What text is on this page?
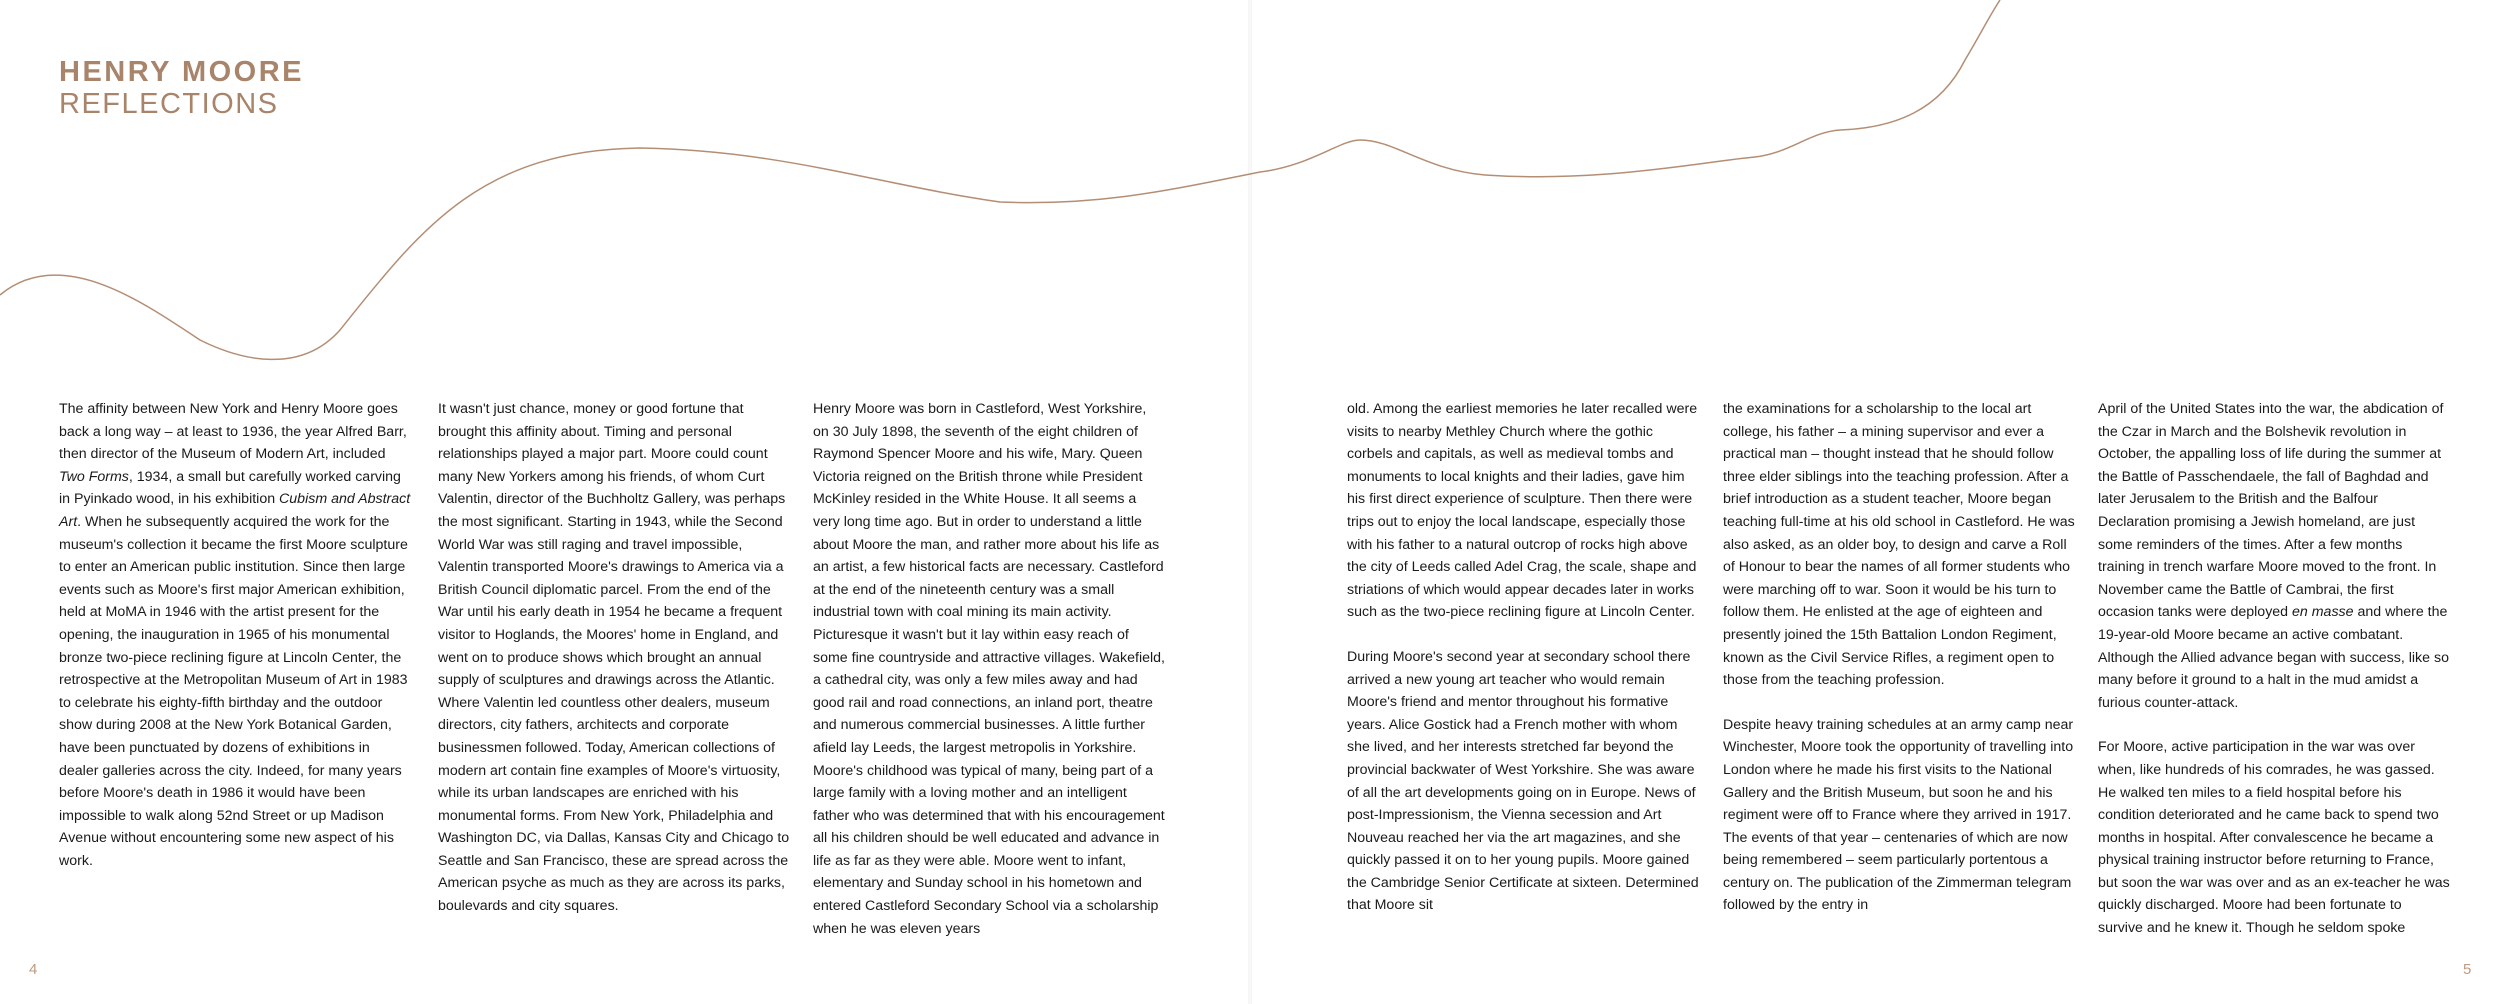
HENRY MOORE
REFLECTIONS

The affinity between New York and Henry Moore goes back a long way – at least to 1936, the year Alfred Barr, then director of the Museum of Modern Art, included Two Forms, 1934, a small but carefully worked carving in Pyinkado wood, in his exhibition Cubism and Abstract Art. When he subsequently acquired the work for the museum's collection it became the first Moore sculpture to enter an American public institution. Since then large events such as Moore's first major American exhibition, held at MoMA in 1946 with the artist present for the opening, the inauguration in 1965 of his monumental bronze two-piece reclining figure at Lincoln Center, the retrospective at the Metropolitan Museum of Art in 1983 to celebrate his eighty-fifth birthday and the outdoor show during 2008 at the New York Botanical Garden, have been punctuated by dozens of exhibitions in dealer galleries across the city. Indeed, for many years before Moore's death in 1986 it would have been impossible to walk along 52nd Street or up Madison Avenue without encountering some new aspect of his work.

It wasn't just chance, money or good fortune that brought this affinity about. Timing and personal relationships played a major part. Moore could count many New Yorkers among his friends, of whom Curt Valentin, director of the Buchholtz Gallery, was perhaps the most significant. Starting in 1943, while the Second World War was still raging and travel impossible, Valentin transported Moore's drawings to America via a British Council diplomatic parcel. From the end of the War until his early death in 1954 he became a frequent visitor to Hoglands, the Moores' home in England, and went on to produce shows which brought an annual supply of sculptures and drawings across the Atlantic. Where Valentin led countless other dealers, museum directors, city fathers, architects and corporate businessmen followed. Today, American collections of modern art contain fine examples of Moore's virtuosity, while its urban landscapes are enriched with his monumental forms. From New York, Philadelphia and Washington DC, via Dallas, Kansas City and Chicago to Seattle and San Francisco, these are spread across the American psyche as much as they are across its parks, boulevards and city squares.

Henry Moore was born in Castleford, West Yorkshire, on 30 July 1898, the seventh of the eight children of Raymond Spencer Moore and his wife, Mary. Queen Victoria reigned on the British throne while President McKinley resided in the White House. It all seems a very long time ago. But in order to understand a little about Moore the man, and rather more about his life as an artist, a few historical facts are necessary. Castleford at the end of the nineteenth century was a small industrial town with coal mining its main activity. Picturesque it wasn't but it lay within easy reach of some fine countryside and attractive villages. Wakefield, a cathedral city, was only a few miles away and had good rail and road connections, an inland port, theatre and numerous commercial businesses. A little further afield lay Leeds, the largest metropolis in Yorkshire. Moore's childhood was typical of many, being part of a large family with a loving mother and an intelligent father who was determined that with his encouragement all his children should be well educated and advance in life as far as they were able. Moore went to infant, elementary and Sunday school in his hometown and entered Castleford Secondary School via a scholarship when he was eleven years

old. Among the earliest memories he later recalled were visits to nearby Methley Church where the gothic corbels and capitals, as well as medieval tombs and monuments to local knights and their ladies, gave him his first direct experience of sculpture. Then there were trips out to enjoy the local landscape, especially those with his father to a natural outcrop of rocks high above the city of Leeds called Adel Crag, the scale, shape and striations of which would appear decades later in works such as the two-piece reclining figure at Lincoln Center.

During Moore's second year at secondary school there arrived a new young art teacher who would remain Moore's friend and mentor throughout his formative years. Alice Gostick had a French mother with whom she lived, and her interests stretched far beyond the provincial backwater of West Yorkshire. She was aware of all the art developments going on in Europe. News of post-Impressionism, the Vienna secession and Art Nouveau reached her via the art magazines, and she quickly passed it on to her young pupils. Moore gained the Cambridge Senior Certificate at sixteen. Determined that Moore sit

the examinations for a scholarship to the local art college, his father – a mining supervisor and ever a practical man – thought instead that he should follow three elder siblings into the teaching profession. After a brief introduction as a student teacher, Moore began teaching full-time at his old school in Castleford. He was also asked, as an older boy, to design and carve a Roll of Honour to bear the names of all former students who were marching off to war. Soon it would be his turn to follow them. He enlisted at the age of eighteen and presently joined the 15th Battalion London Regiment, known as the Civil Service Rifles, a regiment open to those from the teaching profession.

Despite heavy training schedules at an army camp near Winchester, Moore took the opportunity of travelling into London where he made his first visits to the National Gallery and the British Museum, but soon he and his regiment were off to France where they arrived in 1917. The events of that year – centenaries of which are now being remembered – seem particularly portentous a century on. The publication of the Zimmerman telegram followed by the entry in

April of the United States into the war, the abdication of the Czar in March and the Bolshevik revolution in October, the appalling loss of life during the summer at the Battle of Passchendaele, the fall of Baghdad and later Jerusalem to the British and the Balfour Declaration promising a Jewish homeland, are just some reminders of the times. After a few months training in trench warfare Moore moved to the front. In November came the Battle of Cambrai, the first occasion tanks were deployed en masse and where the 19-year-old Moore became an active combatant. Although the Allied advance began with success, like so many before it ground to a halt in the mud amidst a furious counter-attack.

For Moore, active participation in the war was over when, like hundreds of his comrades, he was gassed. He walked ten miles to a field hospital before his condition deteriorated and he came back to spend two months in hospital. After convalescence he became a physical training instructor before returning to France, but soon the war was over and as an ex-teacher he was quickly discharged. Moore had been fortunate to survive and he knew it. Though he seldom spoke

4	5
